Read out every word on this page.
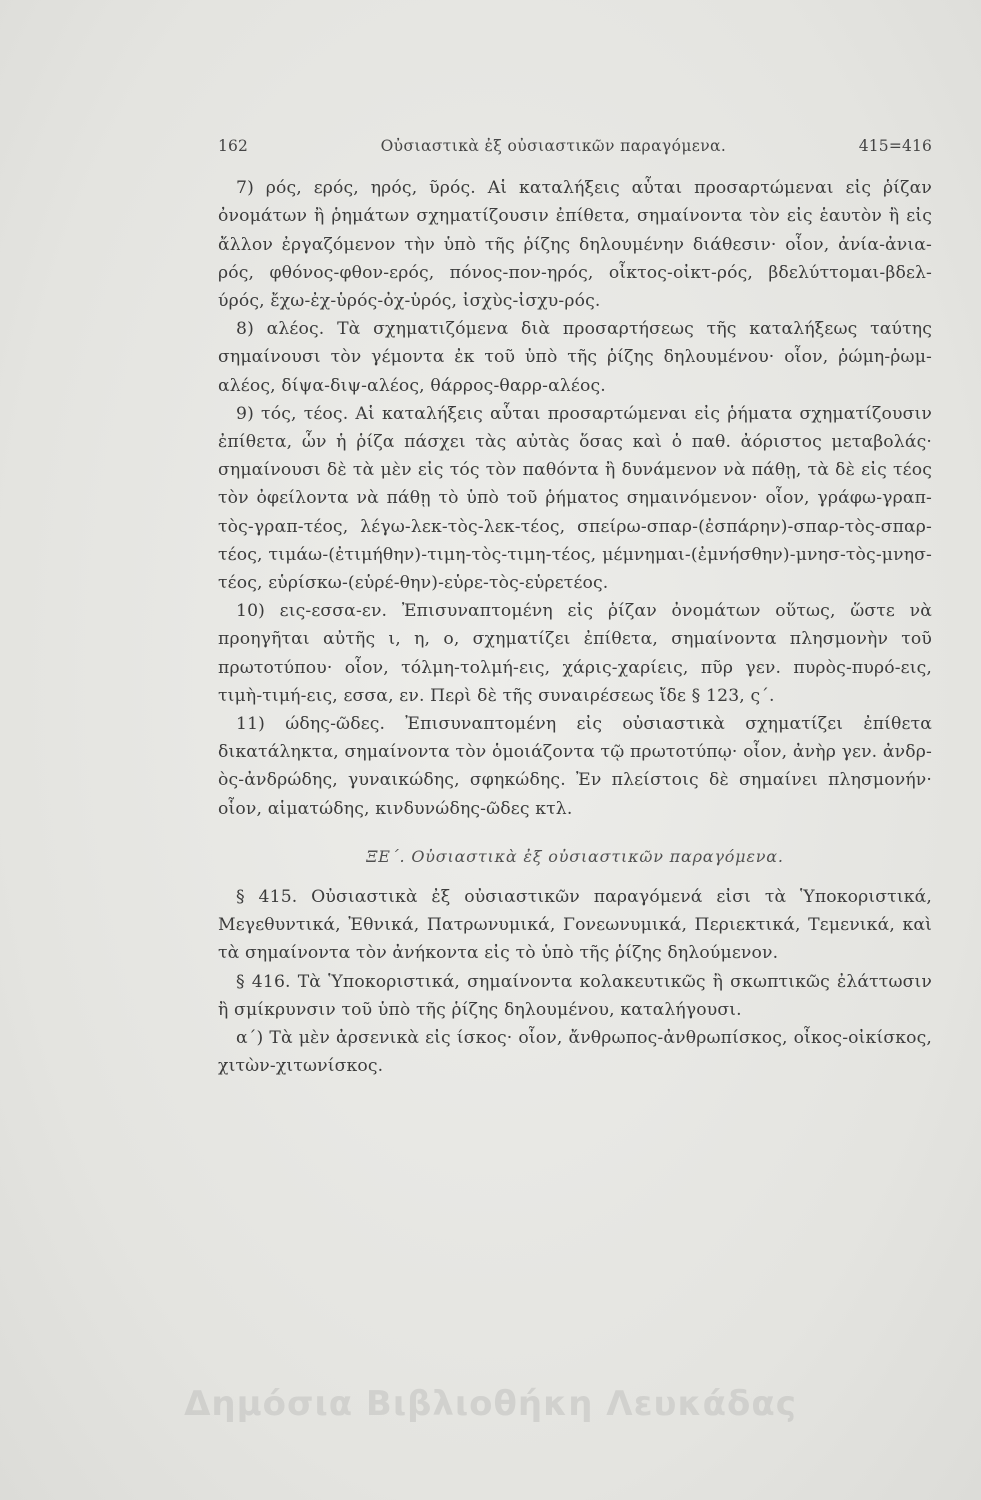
162	Οὐσιαστικὰ ἐξ οὐσιαστικῶν παραγόμενα.	415=416

7) ρός, ερός, ηρός, ῦρός. Αἱ καταλήξεις αὗται προσαρτώμεναι εἰς ῥίζαν ὀνομάτων ἢ ῥημάτων σχηματίζουσιν ἐπίθετα, σημαίνοντα τὸν εἰς ἑαυτὸν ἢ εἰς ἄλλον ἐργαζόμενον τὴν ὑπὸ τῆς ῥίζης δηλουμένην διάθεσιν· οἷον, ἀνία-ἀνια-ρός, φθόνος-φθον-ερός, πόνος-πον-ηρός, οἶκτος-οἰκτ-ρός, βδελύττομαι-βδελ-ύρός, ἔχω-ἐχ-ὑρός-ὀχ-ὑρός, ἰσχὺς-ἰσχυ-ρός.

8) αλέος. Τὰ σχηματιζόμενα διὰ προσαρτήσεως τῆς καταλήξεως ταύτης σημαίνουσι τὸν γέμοντα ἐκ τοῦ ὑπὸ τῆς ῥίζης δηλουμένου· οἷον, ῥώμη-ῥωμ-αλέος, δίψα-διψ-αλέος, θάρρος-θαρρ-αλέος.

9) τός, τέος. Αἱ καταλήξεις αὗται προσαρτώμεναι εἰς ῥήματα σχηματίζουσιν ἐπίθετα, ὧν ἡ ῥίζα πάσχει τὰς αὐτὰς ὅσας καὶ ὁ παθ. ἀόριστος μεταβολάς· σημαίνουσι δὲ τὰ μὲν εἰς τός τὸν παθόντα ἢ δυνάμενον νὰ πάθῃ, τὰ δὲ εἰς τέος τὸν ὀφείλοντα νὰ πάθῃ τὸ ὑπὸ τοῦ ῥήματος σημαινόμενον· οἷον, γράφω-γραπ-τὸς-γραπ-τέος, λέγω-λεκ-τὸς-λεκ-τέος, σπείρω-σπαρ-(ἐσπάρην)-σπαρ-τὸς-σπαρ-τέος, τιμάω-(ἐτιμήθην)-τιμη-τὸς-τιμη-τέος, μέμνημαι-(ἐμνήσθην)-μνησ-τὸς-μνησ-τέος, εὑρίσκω-(εὑρέ-θην)-εὑρε-τὸς-εὑρετέος.

10) εις-εσσα-εν. Ἐπισυναπτομένη εἰς ῥίζαν ὀνομάτων οὕτως, ὥστε νὰ προηγῆται αὐτῆς ι, η, ο, σχηματίζει ἐπίθετα, σημαίνοντα πλησμονὴν τοῦ πρωτοτύπου· οἷον, τόλμη-τολμή-εις, χάρις-χαρίεις, πῦρ γεν. πυρὸς-πυρό-εις, τιμὴ-τιμή-εις, εσσα, εν. Περὶ δὲ τῆς συναιρέσεως ἴδε § 123, ς΄.

11) ώδης-ῶδες. Ἐπισυναπτομένη εἰς οὐσιαστικὰ σχηματίζει ἐπίθετα δικατάληκτα, σημαίνοντα τὸν ὁμοιάζοντα τῷ πρωτοτύπῳ· οἷον, ἀνὴρ γεν. ἀνδρ-ὸς-ἀνδρώδης, γυναικώδης, σφηκώδης. Ἐν πλείστοις δὲ σημαίνει πλησμονήν· οἷον, αἱματώδης, κινδυνώδης-ῶδες κτλ.

ΞΕ΄. Οὐσιαστικὰ ἐξ οὐσιαστικῶν παραγόμενα.

§ 415. Οὐσιαστικὰ ἐξ οὐσιαστικῶν παραγόμενά εἰσι τὰ Ὑποκοριστικά, Μεγεθυντικά, Ἐθνικά, Πατρωνυμικά, Γονεωνυμικά, Περιεκτικά, Τεμενικά, καὶ τὰ σημαίνοντα τὸν ἀνήκοντα εἰς τὸ ὑπὸ τῆς ῥίζης δηλούμενον.

§ 416. Τὰ Ὑποκοριστικά, σημαίνοντα κολακευτικῶς ἢ σκωπτικῶς ἐλάττωσιν ἢ σμίκρυνσιν τοῦ ὑπὸ τῆς ῥίζης δηλουμένου, καταλήγουσι.

α΄) Τὰ μὲν ἀρσενικὰ εἰς ίσκος· οἷον, ἄνθρωπος-ἀνθρωπίσκος, οἶκος-οἰκίσκος, χιτὼν-χιτωνίσκος.

Δημόσια Βιβλιοθήκη Λευκάδας
